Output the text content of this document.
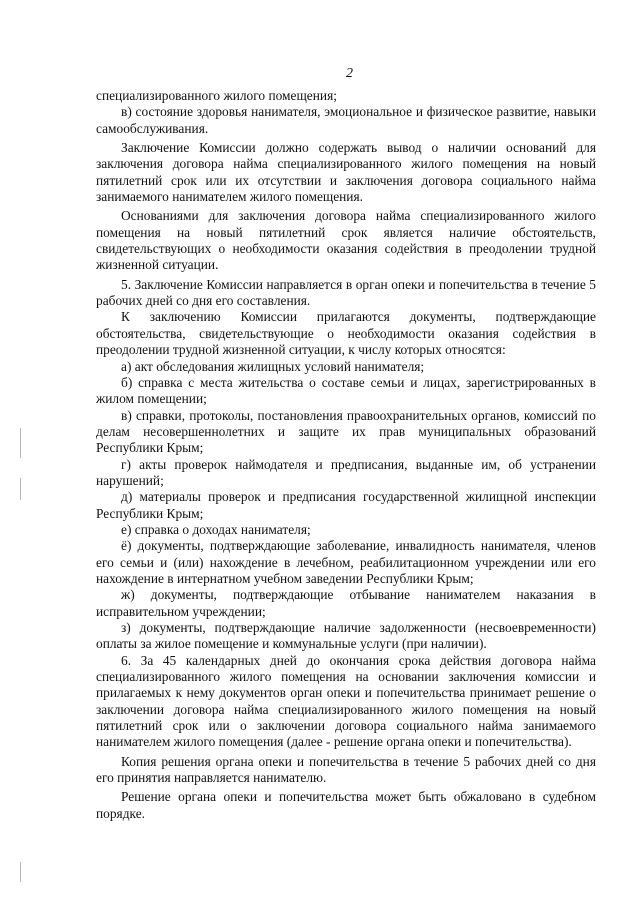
2

специализированного жилого помещения;

в) состояние здоровья нанимателя, эмоциональное и физическое развитие, навыки самообслуживания.

Заключение Комиссии должно содержать вывод о наличии оснований для заключения договора найма специализированного жилого помещения на новый пятилетний срок или их отсутствии и заключения договора социального найма занимаемого нанимателем жилого помещения.

Основаниями для заключения договора найма специализированного жилого помещения на новый пятилетний срок является наличие обстоятельств, свидетельствующих о необходимости оказания содействия в преодолении трудной жизненной ситуации.

5. Заключение Комиссии направляется в орган опеки и попечительства в течение 5 рабочих дней со дня его составления.

К заключению Комиссии прилагаются документы, подтверждающие обстоятельства, свидетельствующие о необходимости оказания содействия в преодолении трудной жизненной ситуации, к числу которых относятся:

а) акт обследования жилищных условий нанимателя;

б) справка с места жительства о составе семьи и лицах, зарегистрированных в жилом помещении;

в) справки, протоколы, постановления правоохранительных органов, комиссий по делам несовершеннолетних и защите их прав муниципальных образований Республики Крым;

г) акты проверок наймодателя и предписания, выданные им, об устранении нарушений;

д) материалы проверок и предписания государственной жилищной инспекции Республики Крым;

е) справка о доходах нанимателя;

ё) документы, подтверждающие заболевание, инвалидность нанимателя, членов его семьи и (или) нахождение в лечебном, реабилитационном учреждении или его нахождение в интернатном учебном заведении Республики Крым;

ж) документы, подтверждающие отбывание нанимателем наказания в исправительном учреждении;

з) документы, подтверждающие наличие задолженности (несвоевременности) оплаты за жилое помещение и коммунальные услуги (при наличии).

6. За 45 календарных дней до окончания срока действия договора найма специализированного жилого помещения на основании заключения комиссии и прилагаемых к нему документов орган опеки и попечительства принимает решение о заключении договора найма специализированного жилого помещения на новый пятилетний срок или о заключении договора социального найма занимаемого нанимателем жилого помещения (далее - решение органа опеки и попечительства).

Копия решения органа опеки и попечительства в течение 5 рабочих дней со дня его принятия направляется нанимателю.

Решение органа опеки и попечительства может быть обжаловано в судебном порядке.
